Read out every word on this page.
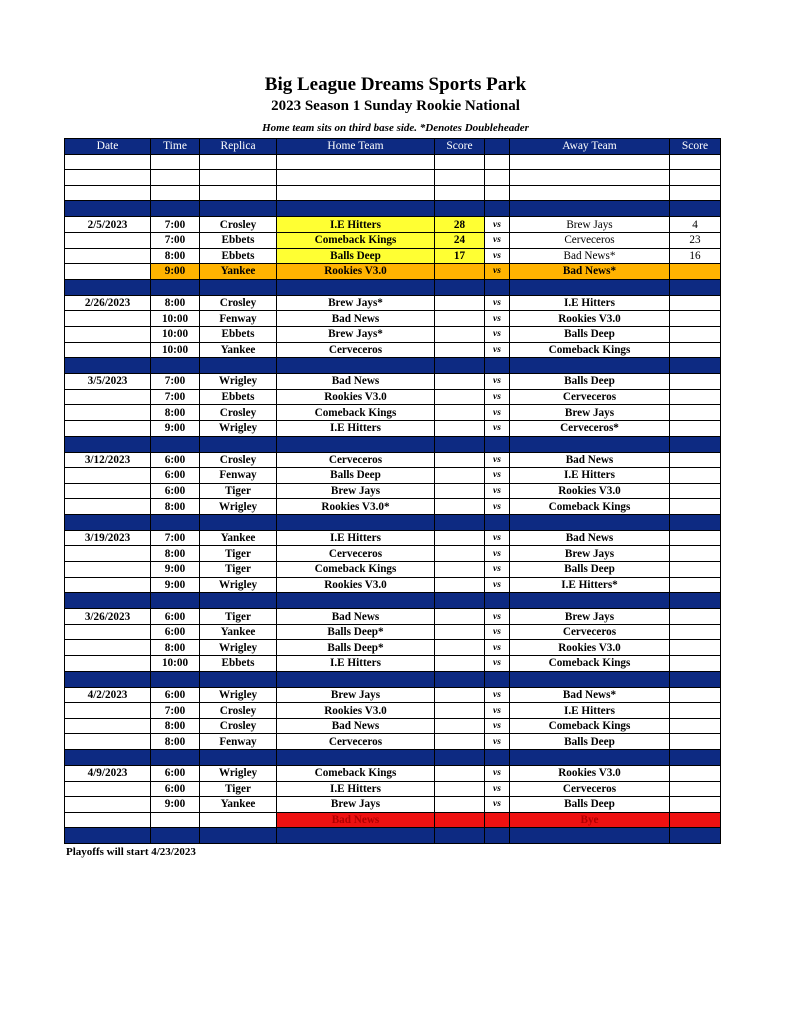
Big League Dreams Sports Park
2023 Season 1 Sunday Rookie National
Home team sits on third base side. *Denotes Doubleheader
Date	Time	Replica	Home Team	Score		Away Team	Score

2/5/2023	7:00	Crosley	I.E Hitters	28	vs	Brew Jays	4
	7:00	Ebbets	Comeback Kings	24	vs	Cerveceros	23
	8:00	Ebbets	Balls Deep	17	vs	Bad News*	16
	9:00	Yankee	Rookies V3.0		vs	Bad News*	

2/26/2023	8:00	Crosley	Brew Jays*		vs	I.E Hitters	
	10:00	Fenway	Bad News		vs	Rookies V3.0	
	10:00	Ebbets	Brew Jays*		vs	Balls Deep	
	10:00	Yankee	Cerveceros		vs	Comeback Kings	

3/5/2023	7:00	Wrigley	Bad News		vs	Balls Deep	
	7:00	Ebbets	Rookies V3.0		vs	Cerveceros	
	8:00	Crosley	Comeback Kings		vs	Brew Jays	
	9:00	Wrigley	I.E Hitters		vs	Cerveceros*	

3/12/2023	6:00	Crosley	Cerveceros		vs	Bad News	
	6:00	Fenway	Balls Deep		vs	I.E Hitters	
	6:00	Tiger	Brew Jays		vs	Rookies V3.0	
	8:00	Wrigley	Rookies V3.0*		vs	Comeback Kings	

3/19/2023	7:00	Yankee	I.E Hitters		vs	Bad News	
	8:00	Tiger	Cerveceros		vs	Brew Jays	
	9:00	Tiger	Comeback Kings		vs	Balls Deep	
	9:00	Wrigley	Rookies V3.0		vs	I.E Hitters*	

3/26/2023	6:00	Tiger	Bad News		vs	Brew Jays	
	6:00	Yankee	Balls Deep*		vs	Cerveceros	
	8:00	Wrigley	Balls Deep*		vs	Rookies V3.0	
	10:00	Ebbets	I.E Hitters		vs	Comeback Kings	

4/2/2023	6:00	Wrigley	Brew Jays		vs	Bad News*	
	7:00	Crosley	Rookies V3.0		vs	I.E Hitters	
	8:00	Crosley	Bad News		vs	Comeback Kings	
	8:00	Fenway	Cerveceros		vs	Balls Deep	

4/9/2023	6:00	Wrigley	Comeback Kings		vs	Rookies V3.0	
	6:00	Tiger	I.E Hitters		vs	Cerveceros	
	9:00	Yankee	Brew Jays		vs	Balls Deep	
			Bad News			Bye	

Playoffs will start 4/23/2023
